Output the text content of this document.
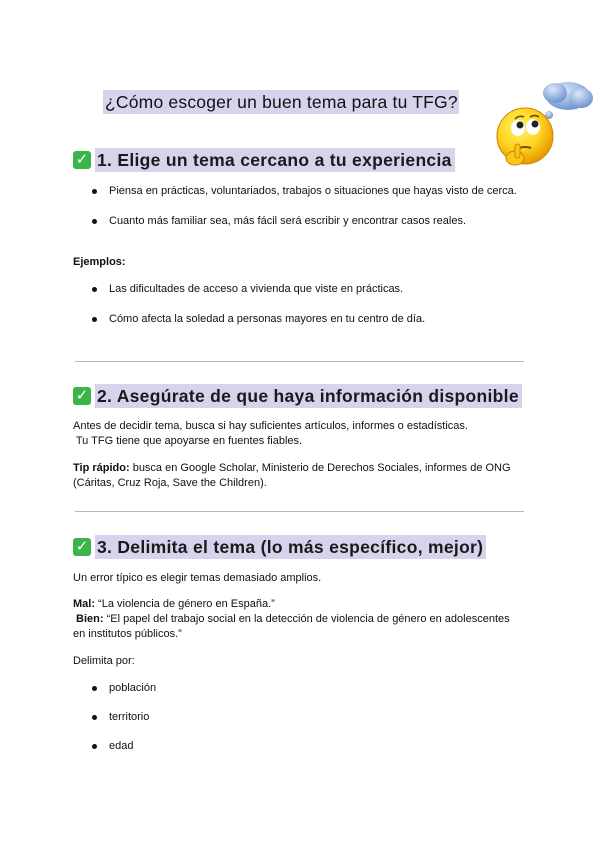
¿Cómo escoger un buen tema para tu TFG?
✓ 1. Elige un tema cercano a tu experiencia
Piensa en prácticas, voluntariados, trabajos o situaciones que hayas visto de cerca.
Cuanto más familiar sea, más fácil será escribir y encontrar casos reales.
Ejemplos:
Las dificultades de acceso a vivienda que viste en prácticas.
Cómo afecta la soledad a personas mayores en tu centro de día.
✓ 2. Asegúrate de que haya información disponible
Antes de decidir tema, busca si hay suficientes artículos, informes o estadísticas.
Tu TFG tiene que apoyarse en fuentes fiables.
Tip rápido: busca en Google Scholar, Ministerio de Derechos Sociales, informes de ONG
(Cáritas, Cruz Roja, Save the Children).
✓ 3. Delimita el tema (lo más específico, mejor)
Un error típico es elegir temas demasiado amplios.
Mal: “La violencia de género en España.”
Bien: “El papel del trabajo social en la detección de violencia de género en adolescentes
en institutos públicos.”
Delimita por:
población
territorio
edad
